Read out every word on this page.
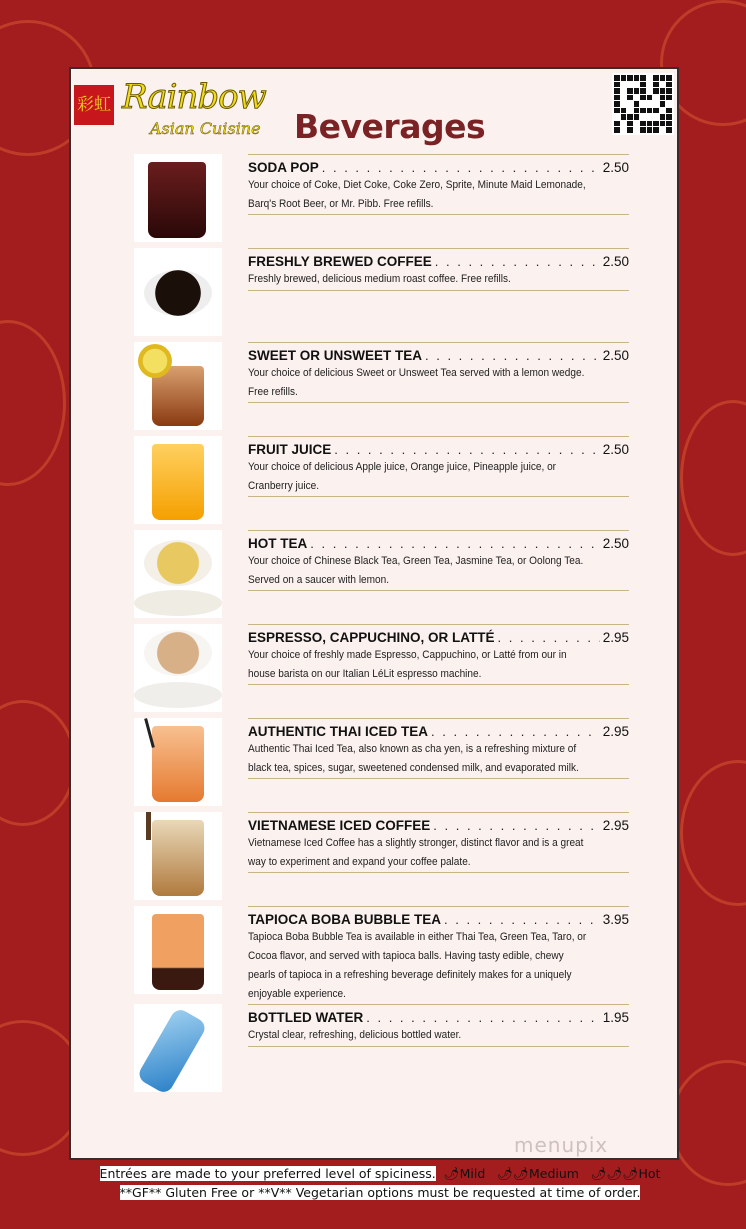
彩虹 Rainbow
Asian Cuisine Beverages
SODA POP . . .	2.50
Your choice of Coke, Diet Coke, Coke Zero, Sprite, Minute Maid Lemonade, Barq's Root Beer, or Mr. Pibb. Free refills.
FRESHLY BREWED COFFEE . . .	2.50
Freshly brewed, delicious medium roast coffee. Free refills.
SWEET OR UNSWEET TEA . . .	2.50
Your choice of delicious Sweet or Unsweet Tea served with a lemon wedge. Free refills.
FRUIT JUICE . . .	2.50
Your choice of delicious Apple juice, Orange juice, Pineapple juice, or Cranberry juice.
HOT TEA . . .	2.50
Your choice of Chinese Black Tea, Green Tea, Jasmine Tea, or Oolong Tea. Served on a saucer with lemon.
ESPRESSO, CAPPUCHINO, OR LATTÉ . . .	2.95
Your choice of freshly made Espresso, Cappuchino, or Latté from our in house barista on our Italian LéLit espresso machine.
AUTHENTIC THAI ICED TEA . . .	2.95
Authentic Thai Iced Tea, also known as cha yen, is a refreshing mixture of black tea, spices, sugar, sweetened condensed milk, and evaporated milk.
VIETNAMESE ICED COFFEE . . .	2.95
Vietnamese Iced Coffee has a slightly stronger, distinct flavor and is a great way to experiment and expand your coffee palate.
TAPIOCA BOBA BUBBLE TEA . . .	3.95
Tapioca Boba Bubble Tea is available in either Thai Tea, Green Tea, Taro, or Cocoa flavor, and served with tapioca balls. Having tasty edible, chewy pearls of tapioca in a refreshing beverage definitely makes for a uniquely enjoyable experience.
BOTTLED WATER . . .	1.95
Crystal clear, refreshing, delicious bottled water.
menupix
Entrées are made to your preferred level of spiciness. 🌶Mild 🌶🌶Medium 🌶🌶🌶Hot
**GF** Gluten Free or **V** Vegetarian options must be requested at time of order.
